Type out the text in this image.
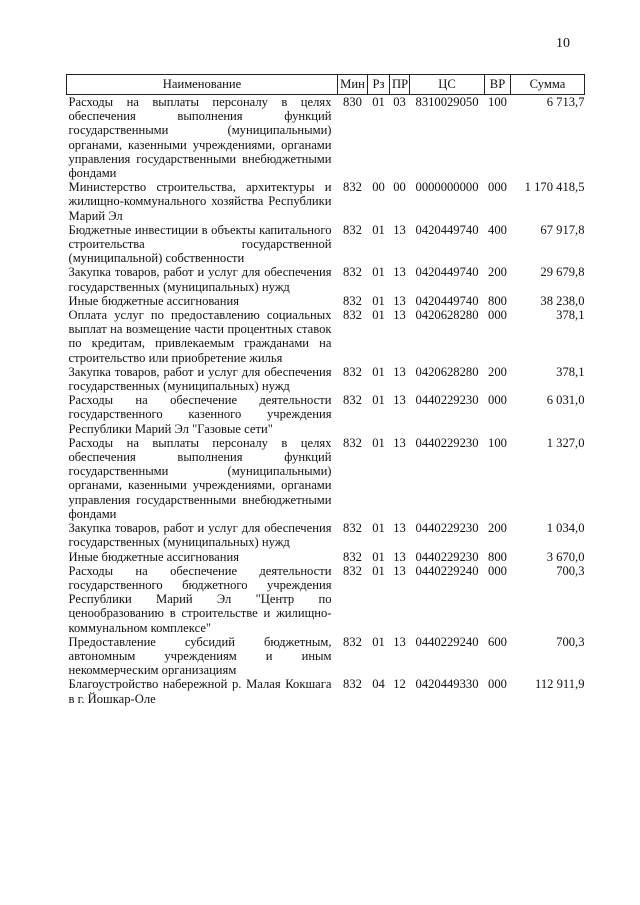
10
Наименование	Мин	Рз	ПР	ЦС	ВР	Сумма
Расходы на выплаты персоналу в целях обеспечения выполнения функций государственными (муниципальными) органами, казенными учреждениями, органами управления государственными внебюджетными фондами	830	01	03	8310029050	100	6 713,7
Министерство строительства, архитектуры и жилищно-коммунального хозяйства Республики Марий Эл	832	00	00	0000000000	000	1 170 418,5
Бюджетные инвестиции в объекты капитального строительства государственной (муниципальной) собственности	832	01	13	0420449740	400	67 917,8
Закупка товаров, работ и услуг для обеспечения государственных (муниципальных) нужд	832	01	13	0420449740	200	29 679,8
Иные бюджетные ассигнования	832	01	13	0420449740	800	38 238,0
Оплата услуг по предоставлению социальных выплат на возмещение части процентных ставок по кредитам, привлекаемым гражданами на строительство или приобретение жилья	832	01	13	0420628280	000	378,1
Закупка товаров, работ и услуг для обеспечения государственных (муниципальных) нужд	832	01	13	0420628280	200	378,1
Расходы на обеспечение деятельности государственного казенного учреждения Республики Марий Эл "Газовые сети"	832	01	13	0440229230	000	6 031,0
Расходы на выплаты персоналу в целях обеспечения выполнения функций государственными (муниципальными) органами, казенными учреждениями, органами управления государственными внебюджетными фондами	832	01	13	0440229230	100	1 327,0
Закупка товаров, работ и услуг для обеспечения государственных (муниципальных) нужд	832	01	13	0440229230	200	1 034,0
Иные бюджетные ассигнования	832	01	13	0440229230	800	3 670,0
Расходы на обеспечение деятельности государственного бюджетного учреждения Республики Марий Эл "Центр по ценообразованию в строительстве и жилищно-коммунальном комплексе"	832	01	13	0440229240	000	700,3
Предоставление субсидий бюджетным, автономным учреждениям и иным некоммерческим организациям	832	01	13	0440229240	600	700,3
Благоустройство набережной р. Малая Кокшага в г. Йошкар-Оле	832	04	12	0420449330	000	112 911,9
